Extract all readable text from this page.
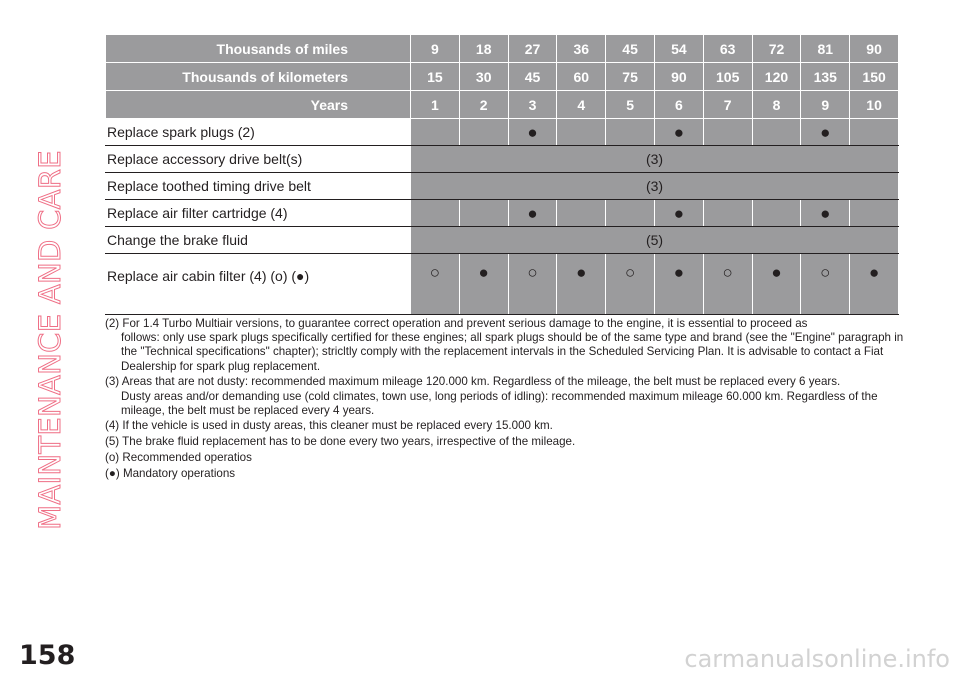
MAINTENANCE AND CARE
Thousands of miles	9	18	27	36	45	54	63	72	81	90
Thousands of kilometers	15	30	45	60	75	90	105	120	135	150
Years	1	2	3	4	5	6	7	8	9	10
Replace spark plugs (2)			●			●			●	
Replace accessory drive belt(s)	(3)									
Replace toothed timing drive belt	(3)									
Replace air filter cartridge (4)			●			●			●	
Change the brake fluid	(5)									
Replace air cabin filter (4) (o) (●)	○	●	○	●	○	●	○	●	○	●

(2) For 1.4 Turbo Multiair versions, to guarantee correct operation and prevent serious damage to the engine, it is essential to proceed as
follows: only use spark plugs specifically certified for these engines; all spark plugs should be of the same type and brand (see the "Engine" paragraph in the "Technical specifications" chapter); stricltly comply with the replacement intervals in the Scheduled Servicing Plan. It is advisable to contact a Fiat Dealership for spark plug replacement.

(3) Areas that are not dusty: recommended maximum mileage 120.000 km. Regardless of the mileage, the belt must be replaced every 6 years.
Dusty areas and/or demanding use (cold climates, town use, long periods of idling): recommended maximum mileage 60.000 km. Regardless of the mileage, the belt must be replaced every 4 years.

(4) If the vehicle is used in dusty areas, this cleaner must be replaced every 15.000 km.

(5) The brake fluid replacement has to be done every two years, irrespective of the mileage.

(o) Recommended operatios

(●) Mandatory operations

158	carmanualsonline.info
